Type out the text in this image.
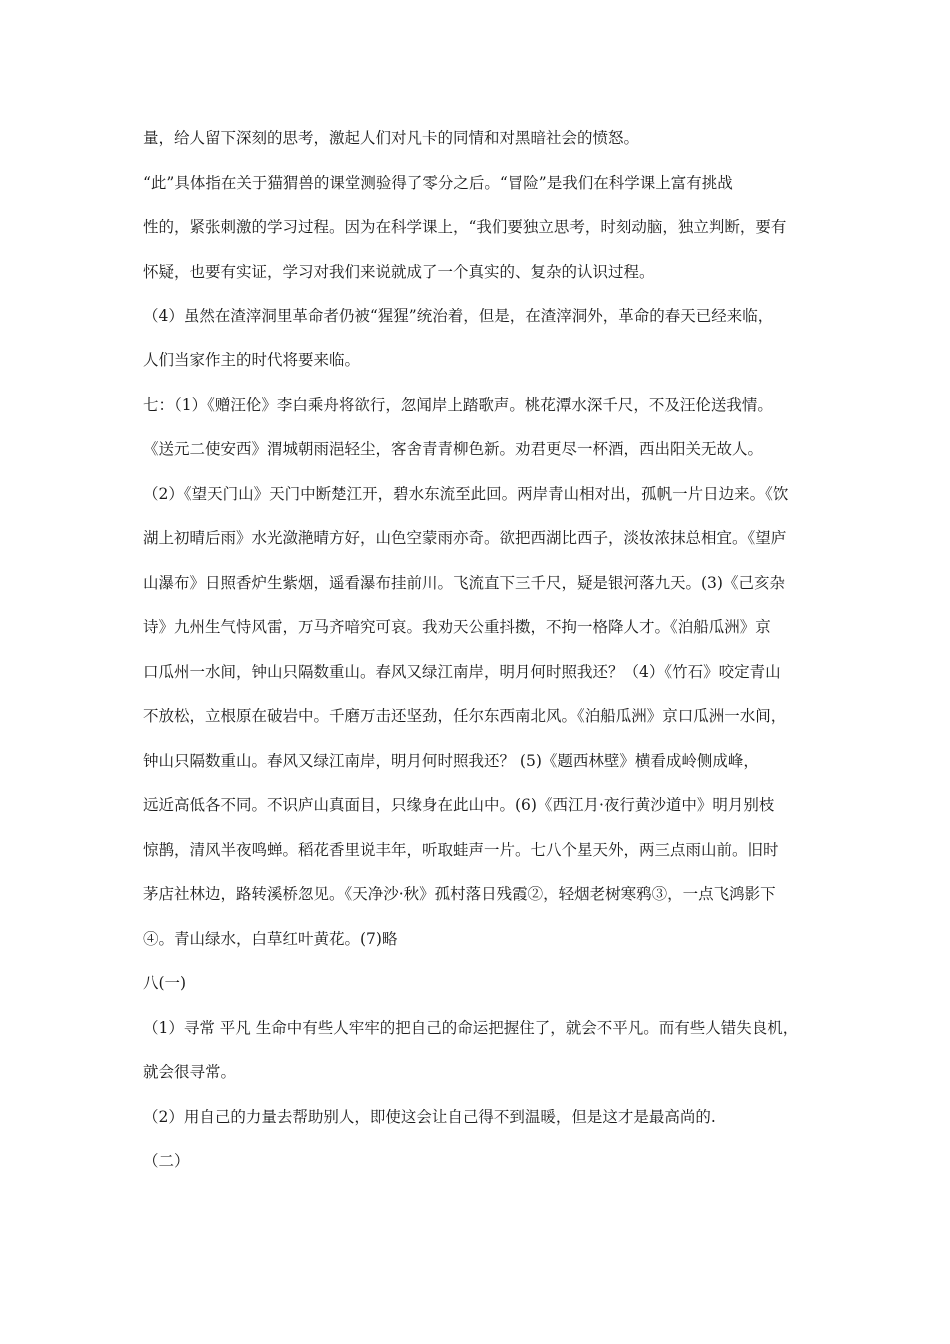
量，给人留下深刻的思考，激起人们对凡卡的同情和对黑暗社会的愤怒。
“此”具体指在关于猫猬兽的课堂测验得了零分之后。“冒险”是我们在科学课上富有挑战
性的，紧张刺激的学习过程。因为在科学课上，“我们要独立思考，时刻动脑，独立判断，要有
怀疑，也要有实证，学习对我们来说就成了一个真实的、复杂的认识过程。
（4）虽然在渣滓洞里革命者仍被“猩猩”统治着，但是，在渣滓洞外，革命的春天已经来临，
人们当家作主的时代将要来临。
七：（1）《赠汪伦》李白乘舟将欲行，忽闻岸上踏歌声。桃花潭水深千尺，不及汪伦送我情。
《送元二使安西》渭城朝雨浥轻尘，客舍青青柳色新。劝君更尽一杯酒，西出阳关无故人。
（2）《望天门山》天门中断楚江开，碧水东流至此回。两岸青山相对出，孤帆一片日边来。《饮
湖上初晴后雨》水光潋滟晴方好，山色空蒙雨亦奇。欲把西湖比西子，淡妆浓抹总相宜。《望庐
山瀑布》日照香炉生紫烟，遥看瀑布挂前川。飞流直下三千尺，疑是银河落九天。(3)《己亥杂
诗》九州生气恃风雷，万马齐喑究可哀。我劝天公重抖擞，不拘一格降人才。《泊船瓜洲》京
口瓜州一水间，钟山只隔数重山。春风又绿江南岸，明月何时照我还？（4）《竹石》咬定青山
不放松，立根原在破岩中。千磨万击还坚劲，任尔东西南北风。《泊船瓜洲》京口瓜洲一水间，
钟山只隔数重山。春风又绿江南岸，明月何时照我还？ (5)《题西林壁》横看成岭侧成峰，
远近高低各不同。不识庐山真面目，只缘身在此山中。(6)《西江月·夜行黄沙道中》明月别枝
惊鹊，清风半夜鸣蝉。稻花香里说丰年，听取蛙声一片。七八个星天外，两三点雨山前。旧时
茅店社林边，路转溪桥忽见。《天净沙·秋》孤村落日残霞②，轻烟老树寒鸦③，一点飞鸿影下
④。青山绿水，白草红叶黄花。(7)略
八(一)
（1）寻常 平凡 生命中有些人牢牢的把自己的命运把握住了，就会不平凡。而有些人错失良机，
就会很寻常。
（2）用自己的力量去帮助别人，即使这会让自己得不到温暖，但是这才是最高尚的.
（二）
